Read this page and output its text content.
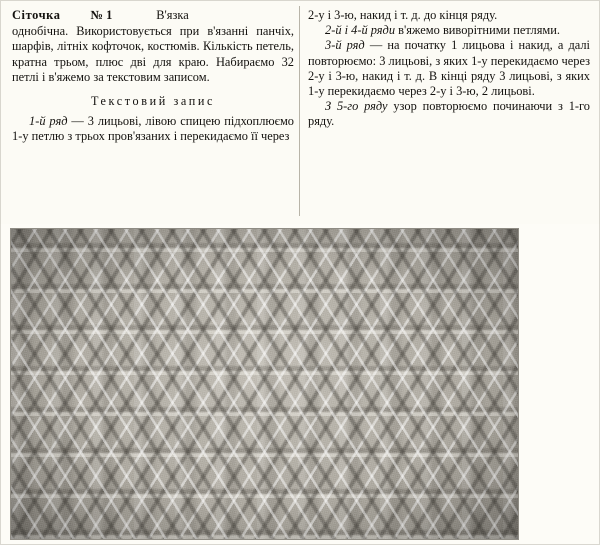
Сіточка № 1	В'язка

однобічна. Використовується при в'язанні панчіх, шарфів, літніх кофточок, костюмів. Кількість петель, кратна трьом, плюс дві для краю. Набираємо 32 петлі і в'яжемо за текстовим записом.

Текстовий запис

1-й ряд — 3 лицьові, лівою спицею підхоплюємо 1-у петлю з трьох пров'язаних і перекидаємо її через

2-у і 3-ю, накид і т. д. до кінця ряду.

2-й і 4-й ряди в'яжемо виворітними петлями.

3-й ряд — на початку 1 лицьова і накид, а далі повторюємо: 3 лицьові, з яких 1-у перекидаємо через 2-у і 3-ю, накид і т. д. В кінці ряду 3 лицьові, з яких 1-у перекидаємо через 2-у і 3-ю, 2 лицьові.

З 5-го ряду узор повторюємо починаючи з 1-го ряду.
